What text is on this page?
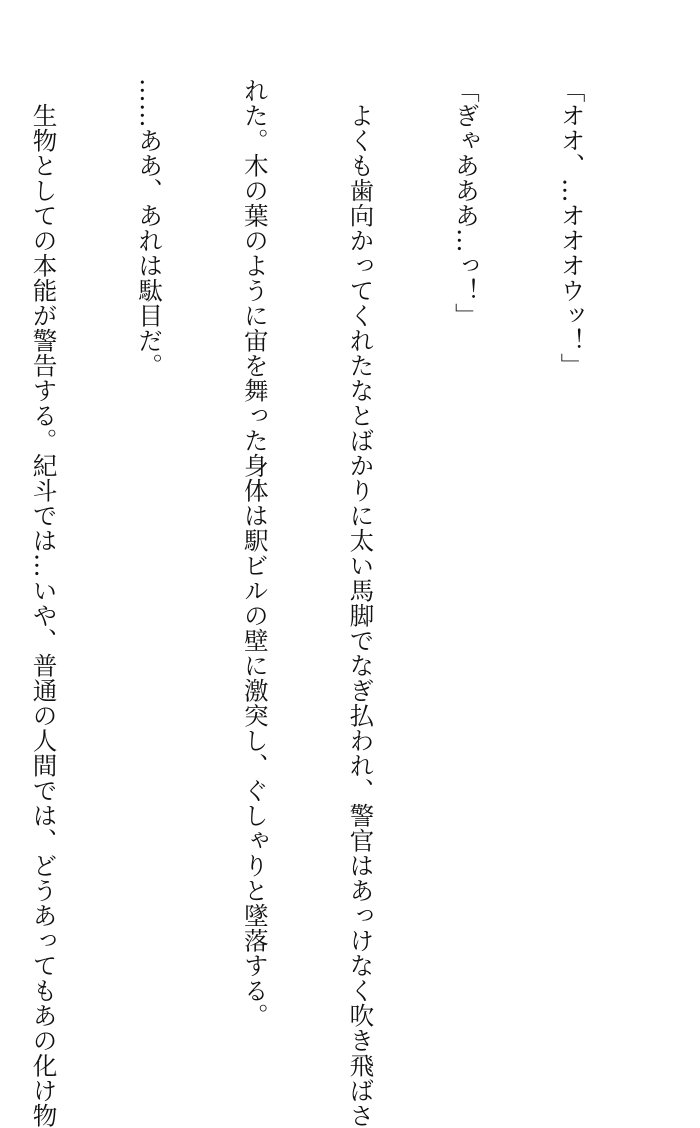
「オオ、…オオオウッ！」

「ぎゃあああ…っ！」

　よくも歯向かってくれたなとばかりに太い馬脚でなぎ払われ、警官はあっけなく吹き飛ばさ

れた。木の葉のように宙を舞った身体は駅ビルの壁に激突し、ぐしゃりと墜落する。

……ああ、あれは駄目だ。

　生物としての本能が警告する。紀斗では…いや、普通の人間では、どうあってもあの化け物
